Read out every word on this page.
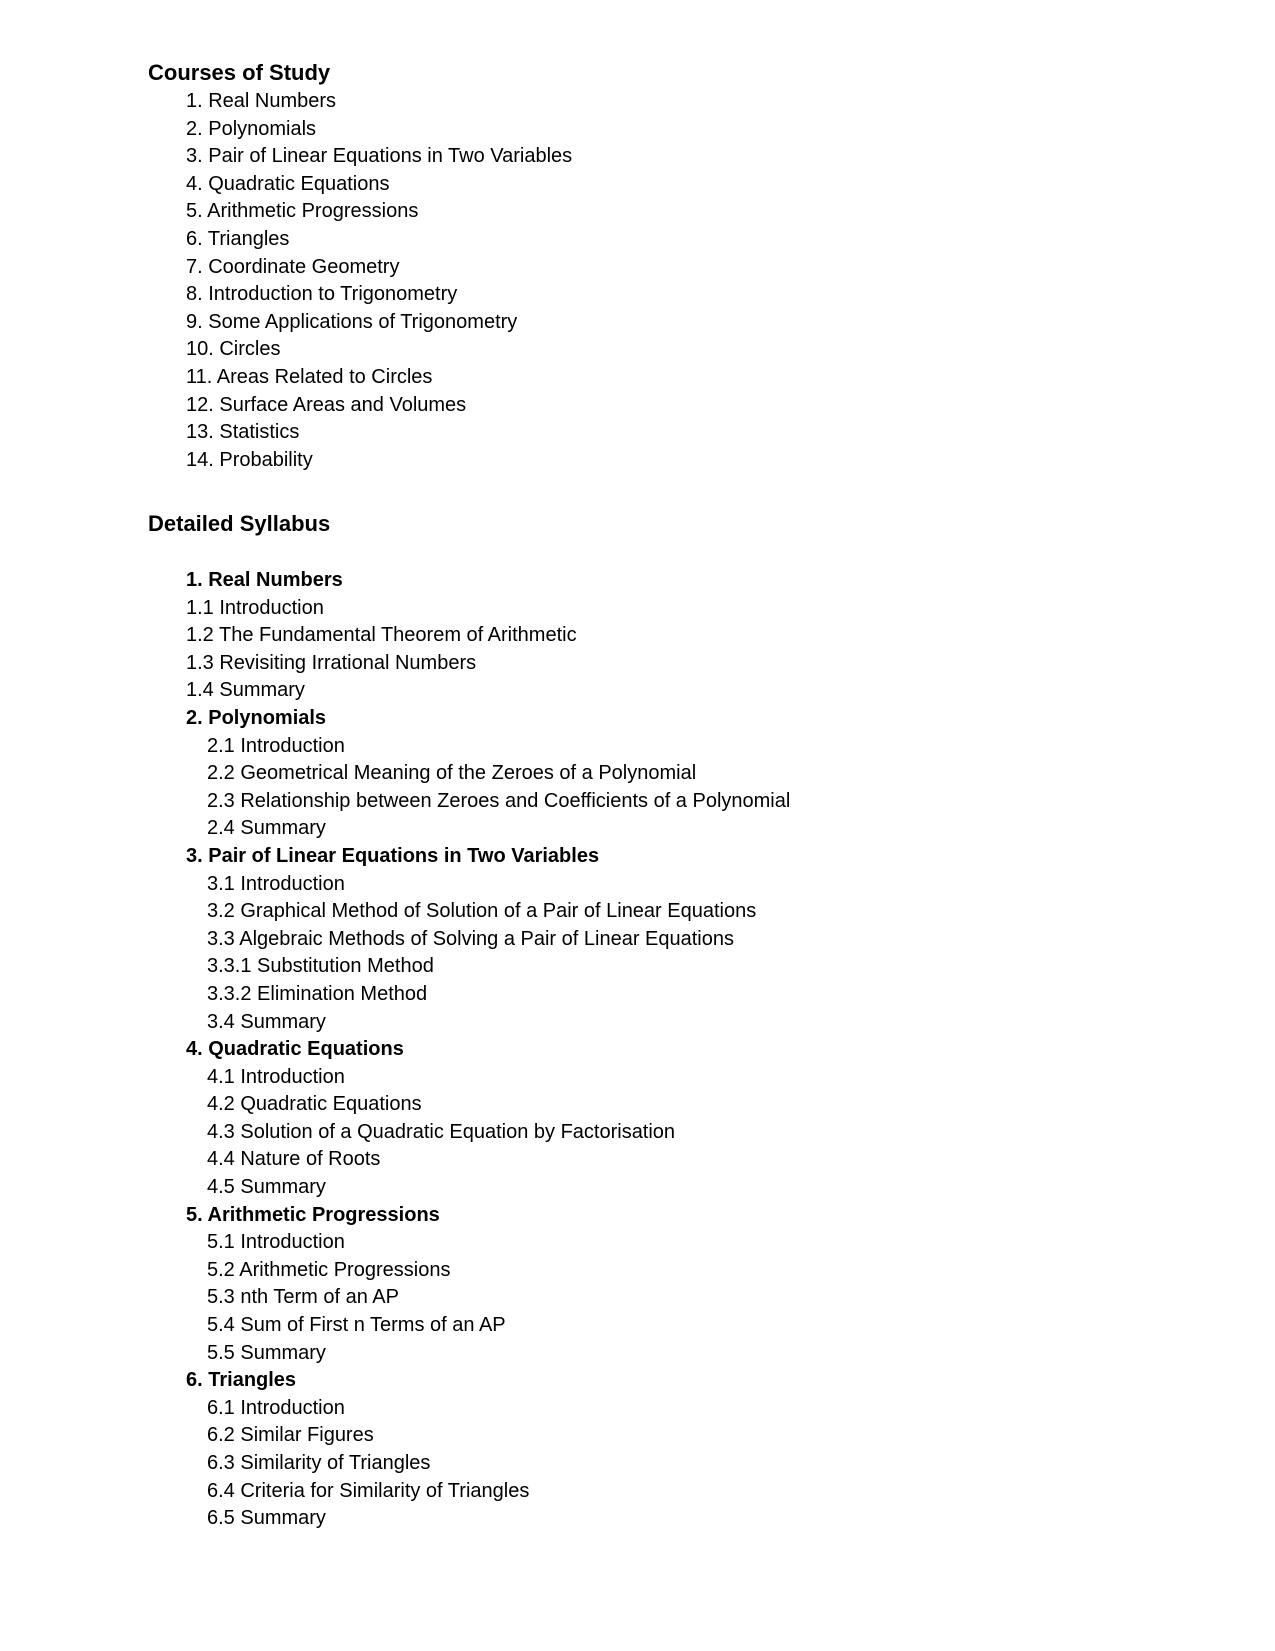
Courses of Study
1. Real Numbers
2. Polynomials
3. Pair of Linear Equations in Two Variables
4. Quadratic Equations
5. Arithmetic Progressions
6. Triangles
7. Coordinate Geometry
8. Introduction to Trigonometry
9. Some Applications of Trigonometry
10. Circles
11. Areas Related to Circles
12. Surface Areas and Volumes
13. Statistics
14. Probability
Detailed Syllabus
1. Real Numbers
1.1 Introduction
1.2 The Fundamental Theorem of Arithmetic
1.3 Revisiting Irrational Numbers
1.4 Summary
2. Polynomials
2.1 Introduction
2.2 Geometrical Meaning of the Zeroes of a Polynomial
2.3 Relationship between Zeroes and Coefficients of a Polynomial
2.4 Summary
3. Pair of Linear Equations in Two Variables
3.1 Introduction
3.2 Graphical Method of Solution of a Pair of Linear Equations
3.3 Algebraic Methods of Solving a Pair of Linear Equations
3.3.1 Substitution Method
3.3.2 Elimination Method
3.4 Summary
4. Quadratic Equations
4.1 Introduction
4.2 Quadratic Equations
4.3 Solution of a Quadratic Equation by Factorisation
4.4 Nature of Roots
4.5 Summary
5. Arithmetic Progressions
5.1 Introduction
5.2 Arithmetic Progressions
5.3 nth Term of an AP
5.4 Sum of First n Terms of an AP
5.5 Summary
6. Triangles
6.1 Introduction
6.2 Similar Figures
6.3 Similarity of Triangles
6.4 Criteria for Similarity of Triangles
6.5 Summary
